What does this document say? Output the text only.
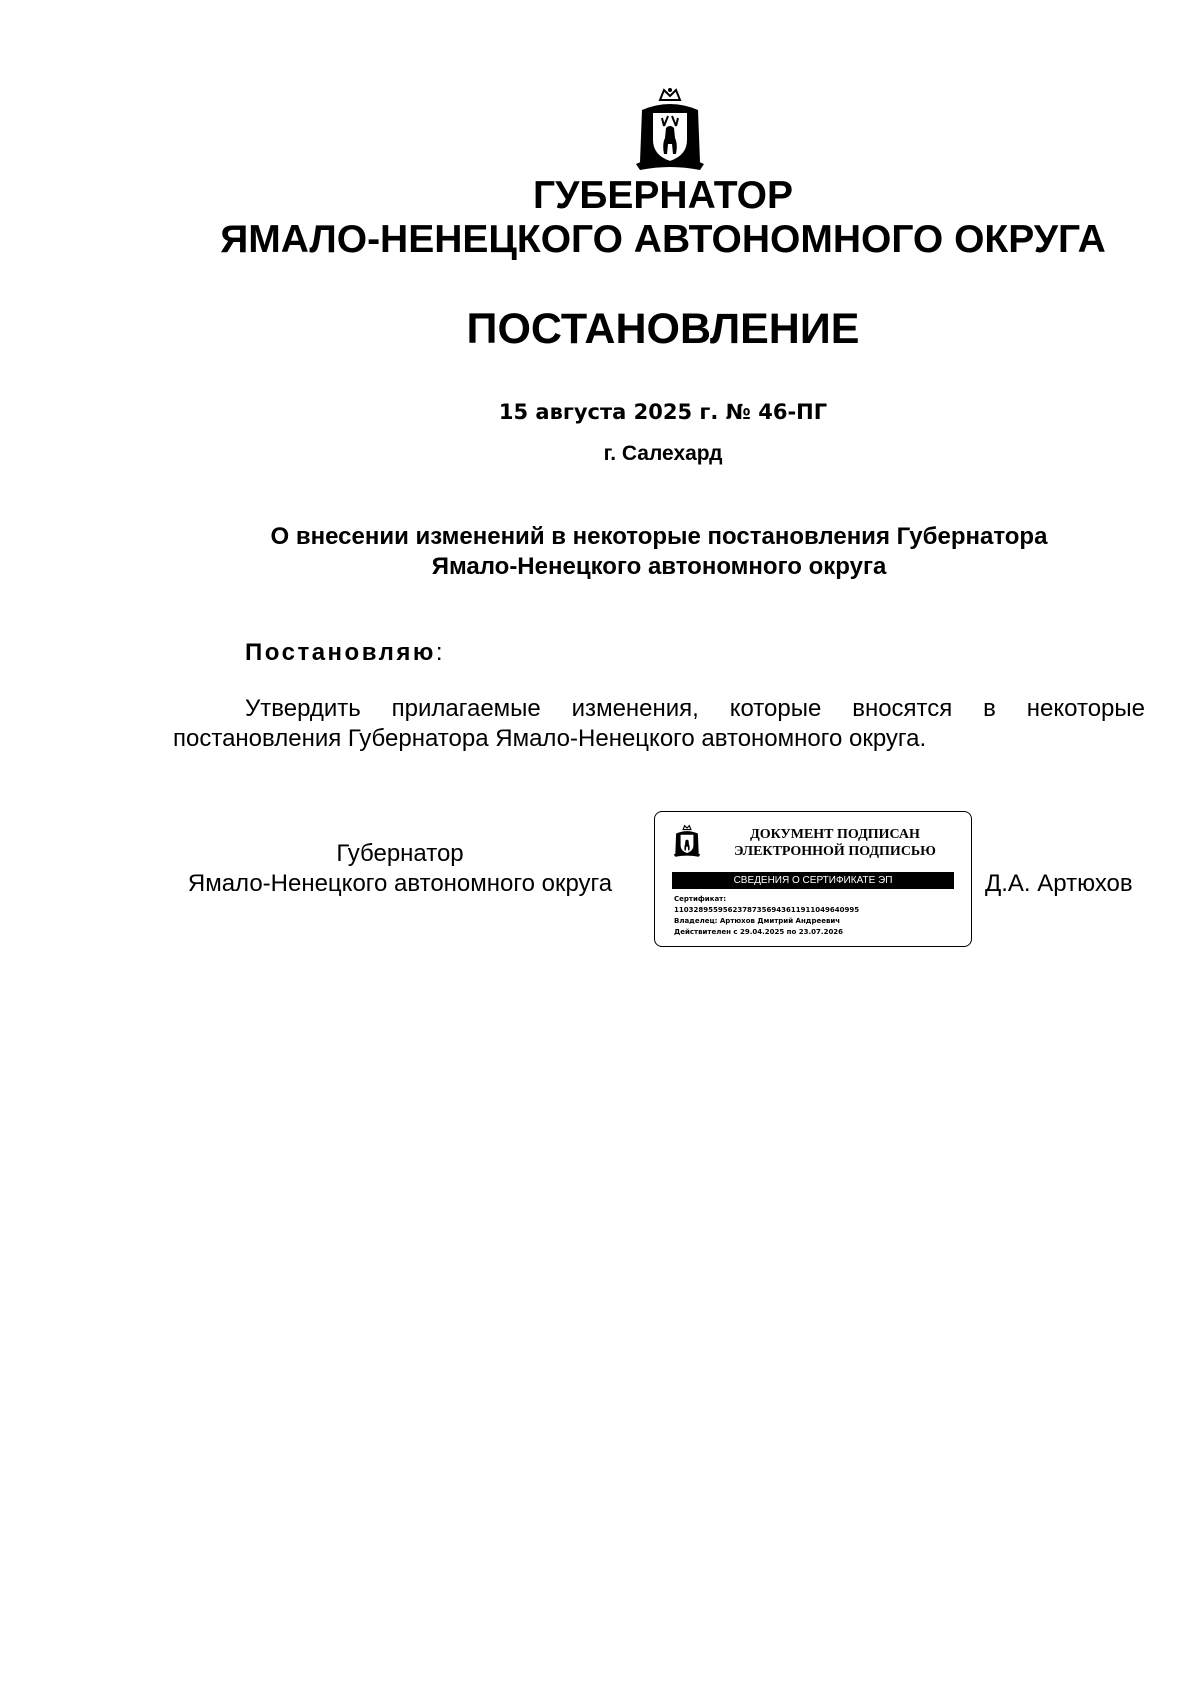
ГУБЕРНАТОР
ЯМАЛО-НЕНЕЦКОГО АВТОНОМНОГО ОКРУГА
ПОСТАНОВЛЕНИЕ
15 августа 2025 г. № 46-ПГ
г. Салехард
О внесении изменений в некоторые постановления Губернатора
Ямало-Ненецкого автономного округа
Постановляю:
Утвердить прилагаемые изменения, которые вносятся в некоторые постановления Губернатора Ямало-Ненецкого автономного округа.
Губернатор
Ямало-Ненецкого автономного округа
ДОКУМЕНТ ПОДПИСАН
ЭЛЕКТРОННОЙ ПОДПИСЬЮ
СВЕДЕНИЯ О СЕРТИФИКАТЕ ЭП
Сертификат:
11032895595623787356943611911049640995
Владелец: Артюхов Дмитрий Андреевич
Действителен с 29.04.2025 по 23.07.2026
Д.А. Артюхов
